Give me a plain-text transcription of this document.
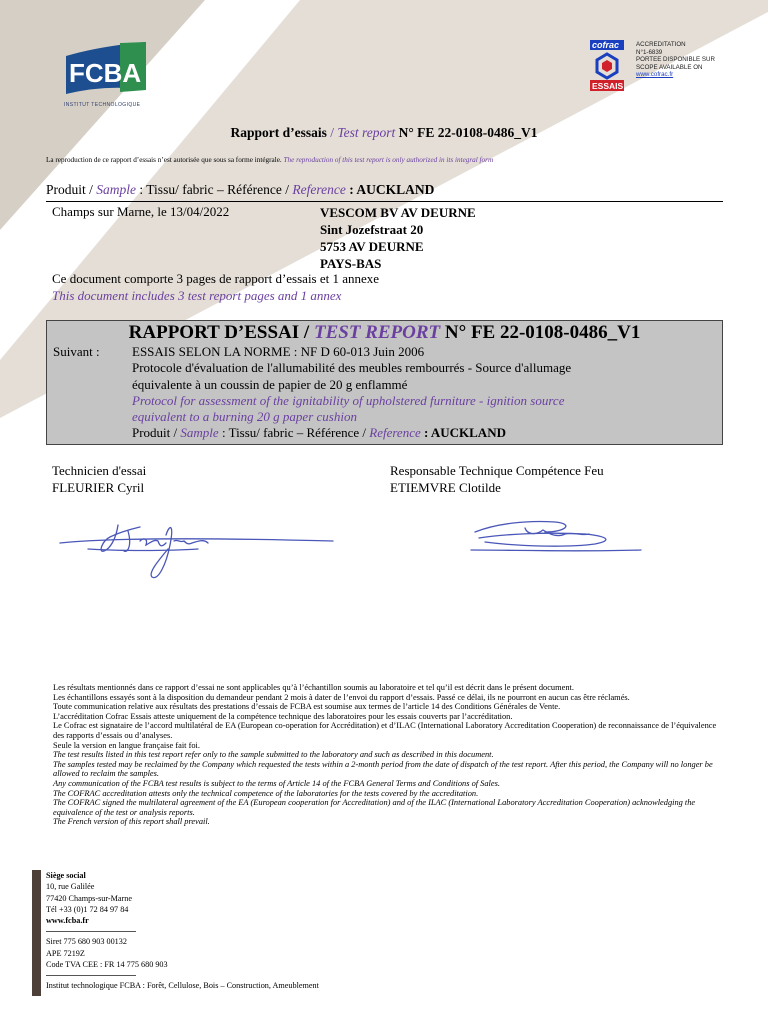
FCBA
INSTITUT TECHNOLOGIQUE
cofrac
ESSAIS
ACCREDITATION
N°1-6839
PORTEE DISPONIBLE SUR
SCOPE AVAILABLE ON
www.cofrac.fr
Rapport d’essais / Test report N° FE 22-0108-0486_V1
La reproduction de ce rapport d’essais n’est autorisée que sous sa forme intégrale. The reproduction of this test report is only authorized in its integral form
Produit / Sample : Tissu/ fabric – Référence / Reference : AUCKLAND
Champs sur Marne, le 13/04/2022	VESCOM BV AV DEURNE
Sint Jozefstraat 20
5753 AV DEURNE
PAYS-BAS
Ce document comporte 3 pages de rapport d’essais et 1 annexe
This document includes 3 test report pages and 1 annex
RAPPORT D’ESSAI / TEST REPORT N° FE 22-0108-0486_V1
Suivant : ESSAIS SELON LA NORME : NF D 60-013 Juin 2006
Protocole d'évaluation de l'allumabilité des meubles rembourrés - Source d'allumage
équivalente à un coussin de papier de 20 g enflammé
Protocol for assessment of the ignitability of upholstered furniture - ignition source
equivalent to a burning 20 g paper cushion
Produit / Sample : Tissu/ fabric – Référence / Reference : AUCKLAND
Technicien d'essai
FLEURIER Cyril
Responsable Technique Compétence Feu
ETIEMVRE Clotilde
Les résultats mentionnés dans ce rapport d’essai ne sont applicables qu’à l’échantillon soumis au laboratoire et tel qu’il est décrit dans le présent document.
Les échantillons essayés sont à la disposition du demandeur pendant 2 mois à dater de l’envoi du rapport d’essais. Passé ce délai, ils ne pourront en aucun cas être réclamés.
Toute communication relative aux résultats des prestations d’essais de FCBA est soumise aux termes de l’article 14 des Conditions Générales de Vente.
L’accréditation Cofrac Essais atteste uniquement de la compétence technique des laboratoires pour les essais couverts par l’accréditation.
Le Cofrac est signataire de l’accord multilatéral de EA (European co-operation for Accréditation) et d’ILAC (International Laboratory Accreditation Cooperation) de reconnaissance de l’équivalence des rapports d’essais ou d’analyses.
Seule la version en langue française fait foi.
The test results listed in this test report refer only to the sample submitted to the laboratory and such as described in this document.
The samples tested may be reclaimed by the Company which requested the tests within a 2-month period from the date of dispatch of the test report. After this period, the Company will no longer be allowed to reclaim the samples.
Any communication of the FCBA test results is subject to the terms of Article 14 of the FCBA General Terms and Conditions of Sales.
The COFRAC accreditation attests only the technical competence of the laboratories for the tests covered by the accreditation.
The COFRAC signed the multilateral agreement of the EA (European cooperation for Accreditation) and of the ILAC (International Laboratory Accreditation Cooperation) acknowledging the equivalence of the test or analysis reports.
The French version of this report shall prevail.
Siège social
10, rue Galilée
77420 Champs-sur-Marne
Tél +33 (0)1 72 84 97 84
www.fcba.fr
Siret 775 680 903 00132
APE 7219Z
Code TVA CEE : FR 14 775 680 903
Institut technologique FCBA : Forêt, Cellulose, Bois – Construction, Ameublement
